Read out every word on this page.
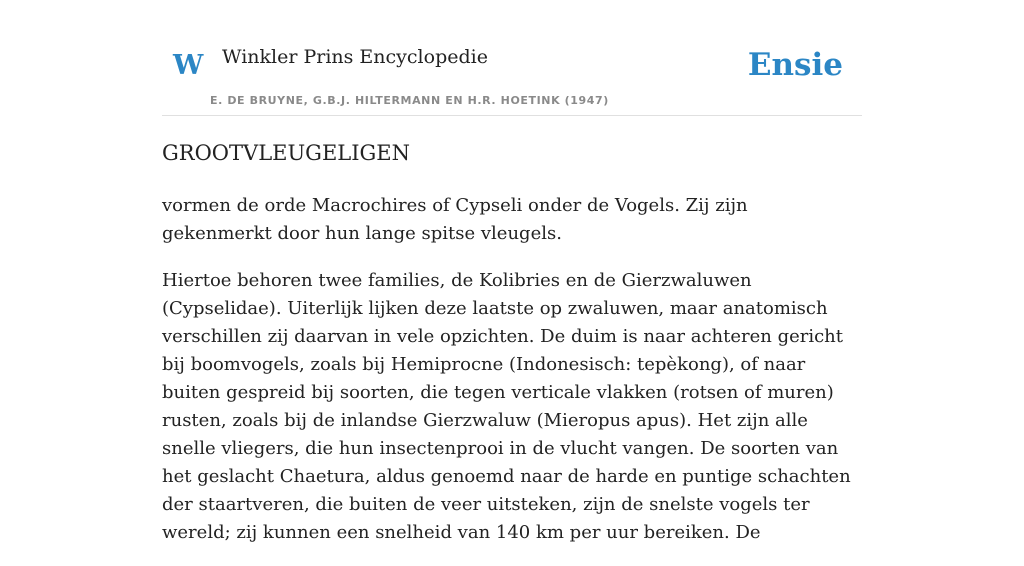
W Winkler Prins Encyclopedie
E. DE BRUYNE, G.B.J. HILTERMANN EN H.R. HOETINK (1947)
Ensie
GROOTVLEUGELIGEN

vormen de orde Macrochires of Cypseli onder de Vogels. Zij zijn gekenmerkt door hun lange spitse vleugels.

Hiertoe behoren twee families, de Kolibries en de Gierzwaluwen (Cypselidae). Uiterlijk lijken deze laatste op zwaluwen, maar anatomisch verschillen zij daarvan in vele opzichten. De duim is naar achteren gericht bij boomvogels, zoals bij Hemiprocne (Indonesisch: tepèkong), of naar buiten gespreid bij soorten, die tegen verticale vlakken (rotsen of muren) rusten, zoals bij de inlandse Gierzwaluw (Mieropus apus). Het zijn alle snelle vliegers, die hun insectenprooi in de vlucht vangen. De soorten van het geslacht Chaetura, aldus genoemd naar de harde en puntige schachten der staartveren, die buiten de veer uitsteken, zijn de snelste vogels ter wereld; zij kunnen een snelheid van 140 km per uur bereiken. De
